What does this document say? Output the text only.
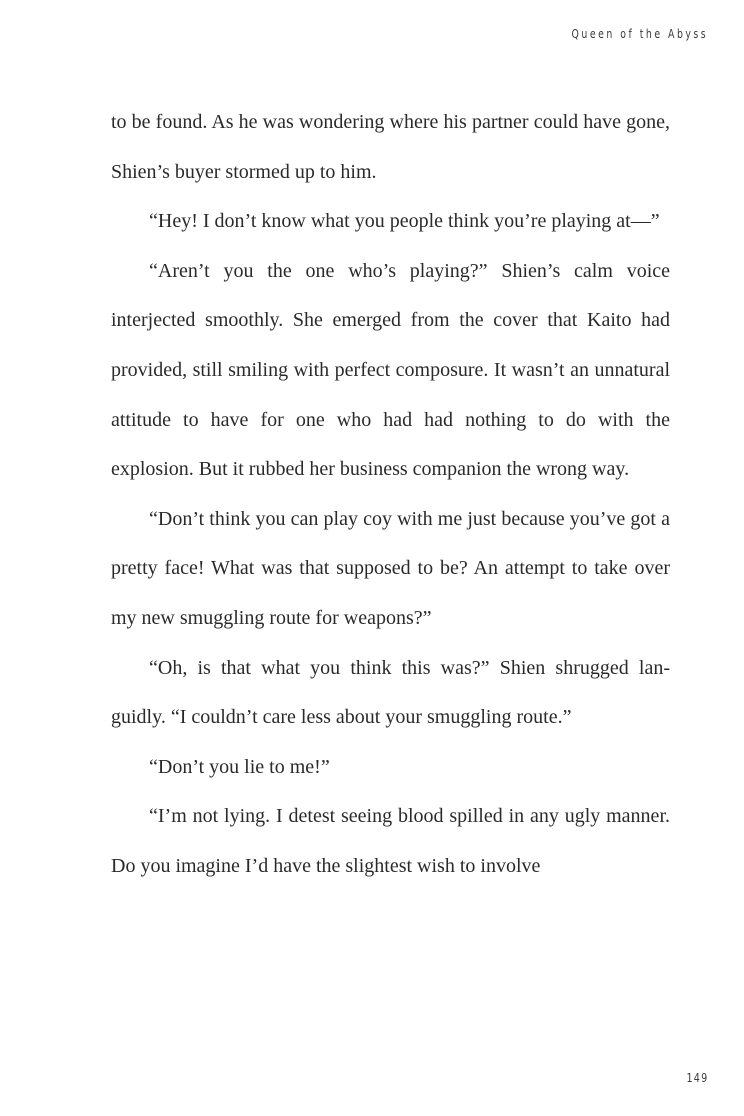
Queen of the Abyss

to be found. As he was wondering where his partner could have gone, Shien’s buyer stormed up to him.

“Hey! I don’t know what you people think you’re playing at—”

“Aren’t you the one who’s playing?” Shien’s calm voice interjected smoothly. She emerged from the cover that Kaito had provided, still smiling with perfect composure. It wasn’t an unnatural attitude to have for one who had had nothing to do with the explosion. But it rubbed her business companion the wrong way.

“Don’t think you can play coy with me just because you’ve got a pretty face! What was that supposed to be? An attempt to take over my new smuggling route for weapons?”

“Oh, is that what you think this was?” Shien shrugged lan-guidly. “I couldn’t care less about your smuggling route.”

“Don’t you lie to me!”

“I’m not lying. I detest seeing blood spilled in any ugly manner. Do you imagine I’d have the slightest wish to involve

149
